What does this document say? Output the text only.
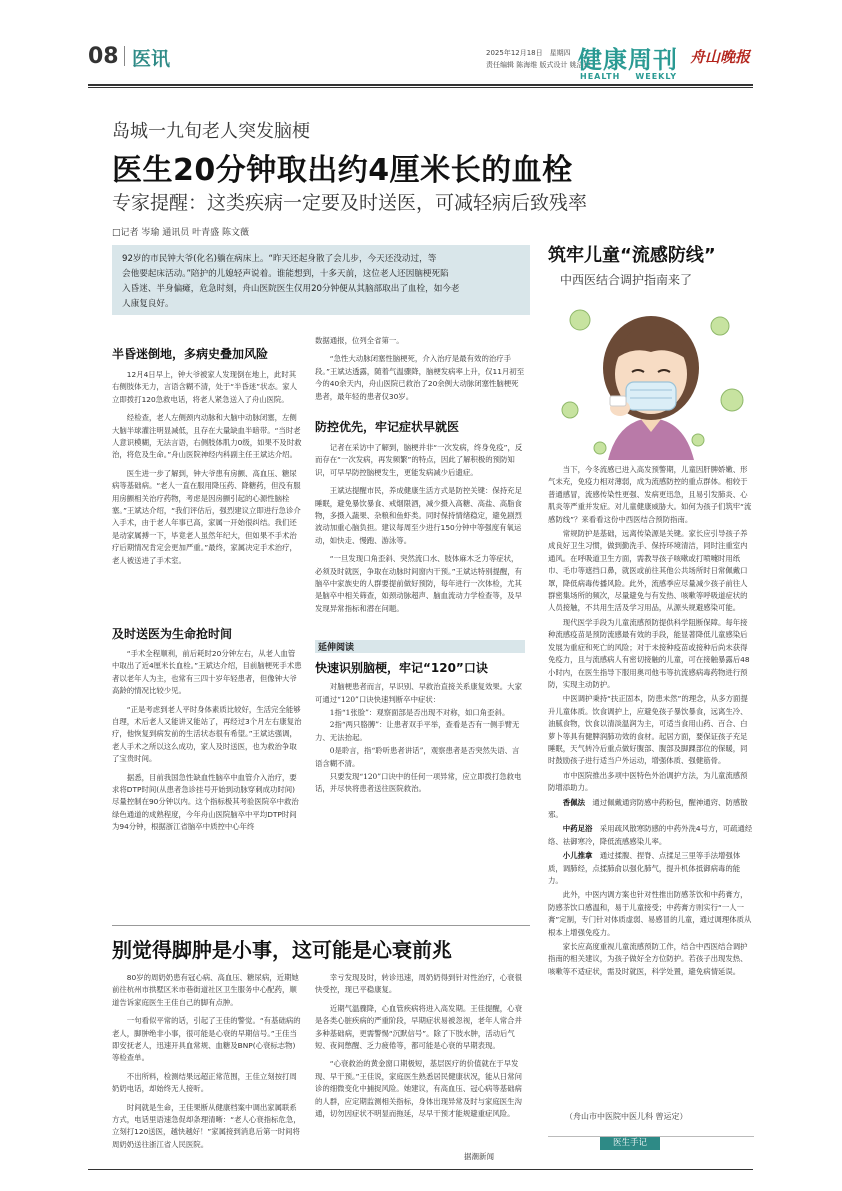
08 医讯	2025年12月18日　星期四
责任编辑 陈海维 版式设计 姚洁琼
健康周刊
HEALTH WEEKLY
舟山晚报
岛城一九旬老人突发脑梗
医生20分钟取出约4厘米长的血栓
专家提醒：这类疾病一定要及时送医，可减轻病后致残率
□记者 岑瑜 通讯员 叶青盛 陈文薇
92岁的市民钟大爷(化名)躺在病床上。“昨天还起身散了会儿步，今天还没动过，等
会他要起床活动。”陪护的儿媳轻声说着。谁能想到，十多天前，这位老人还因脑梗死陷
入昏迷、半身偏瘫，危急时刻，舟山医院医生仅用20分钟便从其脑部取出了血栓，如今老
人康复良好。
半昏迷倒地，多病史叠加风险

12月4日早上，钟大爷被家人发现倒在地上，此时其右侧肢体无力，言语含糊不清，处于“半昏迷”状态。家人立即拨打120急救电话，将老人紧急送入了舟山医院。

经检查，老人左侧颈内动脉和大脑中动脉闭塞，左侧大脑半球灌注明显减低，且存在大量缺血半暗带。“当时老人意识模糊，无法言语，右侧肢体肌力0级，如果不及时救治，将危及生命。”舟山医院神经内科副主任王斌达介绍。

医生进一步了解到，钟大爷患有房颤、高血压、糖尿病等基础病。“老人一直在服用降压药、降糖药，但没有服用房颤相关治疗药物，考虑是因房颤引起的心源性脑栓塞。”王斌达介绍，“我们评估后，强烈建议立即进行急诊介入手术，由于老人年事已高，家属一开始很纠结。我们还是动家属搏一下，毕竟老人虽然年纪大，但如果不手术治疗后期情况肯定会更加严重。”最终，家属决定手术治疗，老人被送进了手术室。

及时送医为生命抢时间

“手术全程顺利，前后耗时20分钟左右，从老人血管中取出了近4厘米长血栓。”王斌达介绍，目前脑梗死手术患者以老年人为主，也常有三四十岁年轻患者，但像钟大爷高龄的情况比较少见。

“正是考虑到老人平时身体素质比较好，生活完全能够自理，术后老人又能讲又能站了，再经过3个月左右康复治疗，他恢复到病发前的生活状态很有希望。”王斌达强调，老人手术之所以这么成功，家人及时送医，也为救治争取了宝贵时间。

据悉，目前我国急性缺血性脑卒中血管介入治疗，要求将DTP时间(从患者急诊挂号开始到动脉穿刺成功时间)尽量控制在90分钟以内。这个指标极其考验医院卒中救治绿色通道的成熟程度，今年舟山医院脑卒中平均DTP时间为94分钟，根据浙江省脑卒中质控中心年终

数据通报，位列全省第一。

“急性大动脉闭塞性脑梗死，介入治疗是最有效的治疗手段。”王斌达透露，随着气温骤降，脑梗发病率上升，仅11月初至今的40余天内，舟山医院已救治了20余例大动脉闭塞性脑梗死患者，最年轻的患者仅30岁。

防控优先，牢记症状早就医

记者在采访中了解到，脑梗并非“一次发病，终身免疫”，反而存在“一次发病，再发频繁”的特点，因此了解积极的预防知识，可早早防控脑梗发生，更能发病减少后遗症。

王斌达提醒市民，养成健康生活方式是防控关键：保持充足睡眠，避免暴饮暴食、戒烟限酒，减少摄入高糖、高盐、高脂食物，多摄入蔬果、杂粮和鱼虾类。同时保持情绪稳定，避免剧烈波动加重心脑负担。建议每周至少进行150分钟中等强度有氧运动，如快走、慢跑、游泳等。

“一旦发现口角歪斜、突然流口水、肢体麻木乏力等症状，必须及时就医，争取在动脉时间窗内干预。”王斌达特别提醒，有脑卒中家族史的人群要提前做好预防，每年进行一次体检，尤其是脑卒中相关筛查，如颈动脉超声、脑血流动力学检查等，及早发现异常指标和潜在问题。

延伸阅读
快速识别脑梗，牢记“120”口诀

对脑梗患者而言，早识别、早救治直接关系康复效果。大家可通过“120”口诀快速判断卒中症状：

1指“1张脸”：观察面部是否出现不对称，如口角歪斜。

2指“两只胳膊”：让患者双手平举，查看是否有一侧手臂无力、无法抬起。

0是聆言，指“聆听患者讲话”，观察患者是否突然失语、言语含糊不清。

只要发现“120”口诀中的任何一项异常，应立即拨打急救电话，并尽快将患者送往医院救治。

筑牢儿童“流感防线”
中西医结合调护指南来了

当下，今冬流感已进入高发预警期，儿童因肝脾娇嫩、形气未充，免疫力相对薄弱，成为流感防控的重点群体。相较于普通感冒，流感传染性更强、发病更迅急，且易引发肺炎、心肌炎等严重并发症。对儿童健康威胁大。如何为孩子们筑牢“流感防线”？来看看这份中西医结合预防指南。

常规防护是基础，远离传染源是关键。家长应引导孩子养成良好卫生习惯，做到勤洗手、保持环境清洁，同时注重室内通风。在呼吸道卫生方面，需教导孩子咳嗽或打喷嚏时用纸巾、毛巾等遮挡口鼻，就医或前往其他公共场所时日常佩戴口罩，降低病毒传播风险。此外，流感季应尽量减少孩子前往人群密集场所的频次，尽量避免与有发热、咳嗽等呼吸道症状的人员接触，不共用生活及学习用品，从源头规避感染可能。

现代医学手段为儿童流感预防提供科学阻断保障。每年接种流感疫苗是预防流感最有效的手段，能显著降低儿童感染后发展为重症和死亡的风险；对于未接种疫苗或接种后尚未获得免疫力，且与流感病人有密切接触的儿童，可在接触暴露后48小时内，在医生指导下服用奥司他韦等抗流感病毒药物进行预防，实现主动防护。

中医调护秉持“扶正固本，防患未然”的理念，从多方面提升儿童体质。饮食调护上，应避免孩子暴饮暴食，远离生冷、油腻食物，饮食以清淡温润为主，可适当食用山药、百合、白萝卜等具有健脾润肺功效的食材。起居方面，要保证孩子充足睡眠，天气转冷后重点做好腹部、腹部及脚踝部位的保暖，同时鼓励孩子进行适当户外运动，增强体质、强健筋骨。

市中医院推出多项中医特色外治调护方法，为儿童流感预防增添助力。

香佩法　 通过佩戴通窍防感中药粉包，醒神通窍、防感散邪。

中药足浴　 采用疏风散寒防感的中药外洗4号方，可疏通经络、祛御寒冷，降低流感感染儿率。

小儿推拿　 通过揉腹、捏脊、点揉足三里等手法增强体质，调肺经，点揉肺俞以强化肺气，提升机体抵御病毒的能力。

此外，中医内调方案也针对性推出防感茶饮和中药膏方，防感茶饮口感温和，易于儿童接受；中药膏方则实行“一人一膏”定制，专门针对体质虚弱、易感冒的儿童，通过调理体质从根本上增强免疫力。

家长应高度重视儿童流感预防工作，结合中西医结合调护指南的相关建议，为孩子做好全方位防护。若孩子出现发热、咳嗽等不适症状，需及时就医，科学处置，避免病情延误。

（舟山市中医院中医儿科 曾运定）
医生手记
别觉得脚肿是小事，这可能是心衰前兆

80岁的周奶奶患有冠心病、高血压、糖尿病，近期她前往杭州市拱墅区米市巷街道社区卫生服务中心配药，顺道告诉家庭医生王佳自己的脚有点肿。

一句看似平常的话，引起了王佳的警觉。“有基础病的老人，脚肿绝非小事，很可能是心衰的早期信号。”王佳当即安抚老人，迅速开具血常规、血糖及BNP(心衰标志物)等检查单。

不出所料，检测结果远超正常范围，王佳立刻按打周奶奶电话，却始终无人接听。

时间就是生命，王佳果断从健康档案中调出家属联系方式，电话里语速急促却条理清晰：“老人心衰指标危急，立刻打120送医，越快越好！”家属接到消息后第一时间将周奶奶送往浙江省人民医院。

幸亏发现及时，转诊迅速，周奶奶得到针对性治疗，心衰很快受控，现已平稳康复。

近期气温骤降，心血管疾病将进入高发期。王佳提醒，心衰是各类心脏疾病的严重阶段，早期症状易被忽视，老年人常合并多种基础病，更需警惕“沉默信号”。除了下肢水肿，活动后气短、夜间憋醒、乏力疲倦等，都可能是心衰的早期表现。

“心衰救治的黄金窗口期极短，基层医疗的价值就在于早发现、早干预。”王佳说，家庭医生熟悉居民健康状况，能从日常问诊的细微变化中捕捉风险。她建议，有高血压、冠心病等基础病的人群，应定期监测相关指标，身体出现异常及时与家庭医生沟通，切勿因症状不明显而拖延，尽早干预才能规避重症风险。

据潮新闻
